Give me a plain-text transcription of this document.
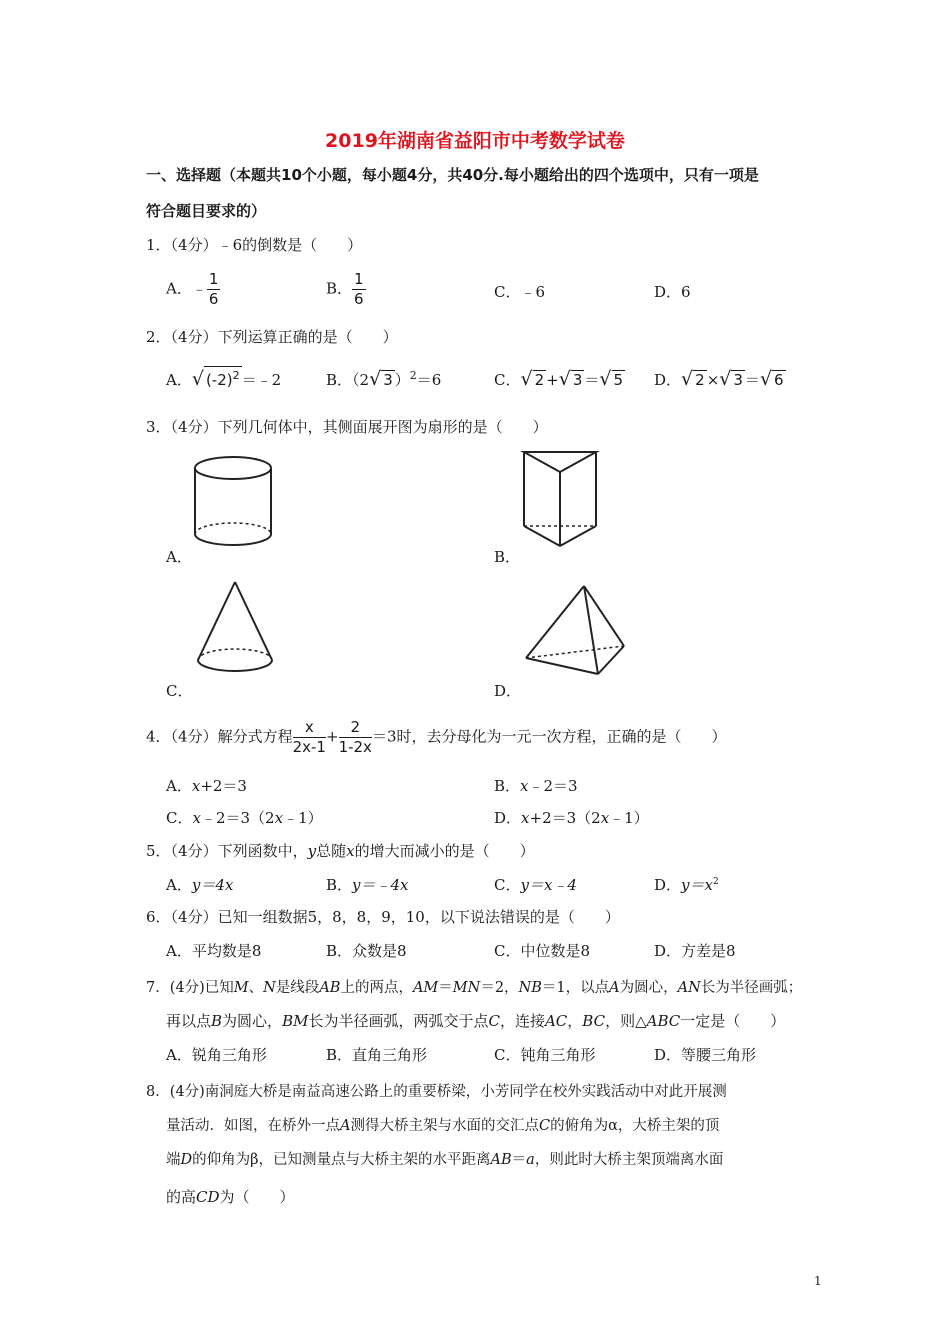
2019年湖南省益阳市中考数学试卷
一、选择题（本题共10个小题，每小题4分，共40分.每小题给出的四个选项中，只有一项是
符合题目要求的）
1．（4分）﹣6的倒数是（　　）
A．﹣ $\frac{1}{6}$	B． $\frac{1}{6}$	C．﹣6	D．6
2．（4分）下列运算正确的是（　　）
A．√ $(-2)^2$ ＝﹣2	B．（2√ 3 ）$^2$＝6	C．√ 2 +√ 3 ＝√ 5 D．√ 2 ×√ 3 ＝√ 6
3．（4分）下列几何体中，其侧面展开图为扇形的是（　　）
A．	B．
C．	D．
4．（4分）解分式方程 $\frac{x}{2x-1} + \frac{2}{1-2x} =3$时，去分母化为一元一次方程，正确的是（　　）
A．x+2＝3	B．x﹣2＝3
C．x﹣2＝3（2x﹣1）	D．x+2＝3（2x﹣1）
5．（4分）下列函数中，y总随x的增大而减小的是（　　）
A．y＝4x	B．y＝﹣4x	C．y＝x﹣4	D．$y=x^2$
6．（4分）已知一组数据5，8，8，9，10，以下说法错误的是（　　）
A．平均数是8	B．众数是8	C．中位数是8	D．方差是8
7．(4分)已知M、N是线段AB上的两点，AM＝MN＝2，NB＝1，以点A为圆心，AN长为半径画弧；
再以点B为圆心，BM长为半径画弧，两弧交于点C，连接AC，BC，则△ABC一定是（　　）
A．锐角三角形	B．直角三角形	C．钝角三角形	D．等腰三角形
8．(4分)南洞庭大桥是南益高速公路上的重要桥梁，小芳同学在校外实践活动中对此开展测
量活动．如图，在桥外一点A测得大桥主架与水面的交汇点C的俯角为α，大桥主架的顶
端D的仰角为β，已知测量点与大桥主架的水平距离AB＝a，则此时大桥主架顶端离水面
的高CD为（　　）
1
